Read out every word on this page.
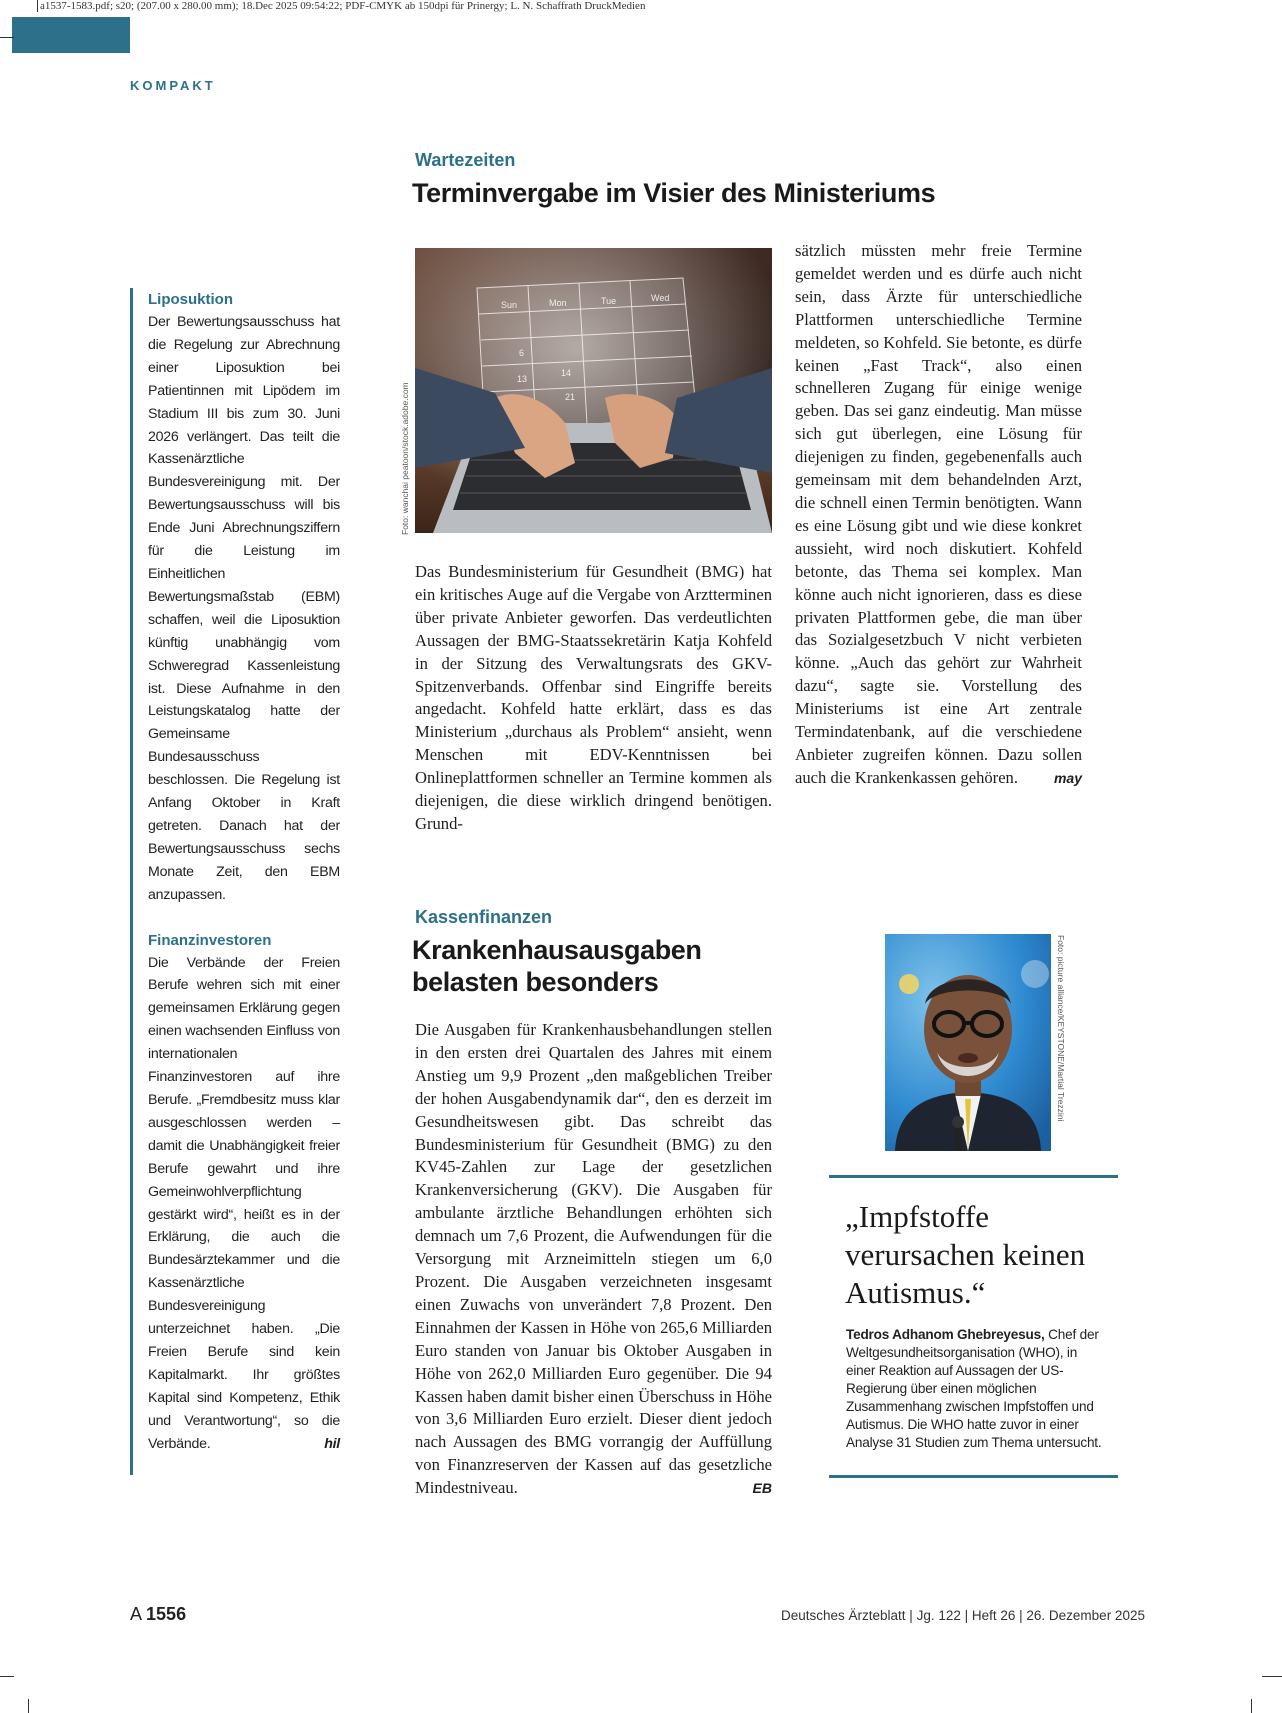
a1537-1583.pdf; s20; (207.00 x 280.00 mm); 18.Dec 2025 09:54:22; PDF-CMYK ab 150dpi für Prinergy; L. N. Schaffrath DruckMedien
KOMPAKT
Liposuktion
Der Bewertungsausschuss hat die Regelung zur Abrechnung einer Liposuktion bei Patientinnen mit Lipödem im Stadium III bis zum 30. Juni 2026 verlängert. Das teilt die Kassenärztliche Bundesvereinigung mit. Der Bewertungsausschuss will bis Ende Juni Abrechnungsziffern für die Leistung im Einheitlichen Bewertungsmaßstab (EBM) schaffen, weil die Liposuktion künftig unabhängig vom Schweregrad Kassenleistung ist. Diese Aufnahme in den Leistungskatalog hatte der Gemeinsame Bundesausschuss beschlossen. Die Regelung ist Anfang Oktober in Kraft getreten. Danach hat der Bewertungsausschuss sechs Monate Zeit, den EBM anzupassen.
Finanzinvestoren
Die Verbände der Freien Berufe wehren sich mit einer gemeinsamen Erklärung gegen einen wachsenden Einfluss von internationalen Finanzinvestoren auf ihre Berufe. „Fremdbesitz muss klar ausgeschlossen werden – damit die Unabhängigkeit freier Berufe gewahrt und ihre Gemeinwohlverpflichtung gestärkt wird“, heißt es in der Erklärung, die auch die Bundesärztekammer und die Kassenärztliche Bundesvereinigung unterzeichnet haben. „Die Freien Berufe sind kein Kapitalmarkt. Ihr größtes Kapital sind Kompetenz, Ethik und Verantwortung“, so die Verbände.	hil
Wartezeiten
Terminvergabe im Visier des Ministeriums
Sun	Mon	Tue	Wed
6
13
14
21
Foto: wanchai peatoon/stock.adobe.com
Das Bundesministerium für Gesundheit (BMG) hat ein kritisches Auge auf die Vergabe von Arztterminen über private Anbieter geworfen. Das verdeutlichten Aussagen der BMG-Staatssekretärin Katja Kohfeld in der Sitzung des Verwaltungsrats des GKV-Spitzenverbands. Offenbar sind Eingriffe bereits angedacht. Kohfeld hatte erklärt, dass es das Ministerium „durchaus als Problem“ ansieht, wenn Menschen mit EDV-Kenntnissen bei Onlineplattformen schneller an Termine kommen als diejenigen, die diese wirklich dringend benötigen. Grund-
sätzlich müssten mehr freie Termine gemeldet werden und es dürfe auch nicht sein, dass Ärzte für unterschiedliche Plattformen unterschiedliche Termine meldeten, so Kohfeld. Sie betonte, es dürfe keinen „Fast Track“, also einen schnelleren Zugang für einige wenige geben. Das sei ganz eindeutig. Man müsse sich gut überlegen, eine Lösung für diejenigen zu finden, gegebenenfalls auch gemeinsam mit dem behandelnden Arzt, die schnell einen Termin benötigten. Wann es eine Lösung gibt und wie diese konkret aussieht, wird noch diskutiert. Kohfeld betonte, das Thema sei komplex. Man könne auch nicht ignorieren, dass es diese privaten Plattformen gebe, die man über das Sozialgesetzbuch V nicht verbieten könne. „Auch das gehört zur Wahrheit dazu“, sagte sie. Vorstellung des Ministeriums ist eine Art zentrale Termindatenbank, auf die verschiedene Anbieter zugreifen können. Dazu sollen auch die Krankenkassen gehören.	may
Kassenfinanzen
Krankenhausausgaben belasten besonders
Die Ausgaben für Krankenhausbehandlungen stellen in den ersten drei Quartalen des Jahres mit einem Anstieg um 9,9 Prozent „den maßgeblichen Treiber der hohen Ausgabendynamik dar“, den es derzeit im Gesundheitswesen gibt. Das schreibt das Bundesministerium für Gesundheit (BMG) zu den KV45-Zahlen zur Lage der gesetzlichen Krankenversicherung (GKV). Die Ausgaben für ambulante ärztliche Behandlungen erhöhten sich demnach um 7,6 Prozent, die Aufwendungen für die Versorgung mit Arzneimitteln stiegen um 6,0 Prozent. Die Ausgaben verzeichneten insgesamt einen Zuwachs von unverändert 7,8 Prozent. Den Einnahmen der Kassen in Höhe von 265,6 Milliarden Euro standen von Januar bis Oktober Ausgaben in Höhe von 262,0 Milliarden Euro gegenüber. Die 94 Kassen haben damit bisher einen Überschuss in Höhe von 3,6 Milliarden Euro erzielt. Dieser dient jedoch nach Aussagen des BMG vorrangig der Auffüllung von Finanzreserven der Kassen auf das gesetzliche Mindestniveau.	EB
Foto: picture alliance/KEYSTONE/Martial Trezzini
„Impfstoffe verursachen keinen Autismus.“
Tedros Adhanom Ghebreyesus, Chef der Weltgesundheitsorganisation (WHO), in einer Reaktion auf Aussagen der US-Regierung über einen möglichen Zusammenhang zwischen Impfstoffen und Autismus. Die WHO hatte zuvor in einer Analyse 31 Studien zum Thema untersucht.
A 1556	Deutsches Ärzteblatt | Jg. 122 | Heft 26 | 26. Dezember 2025
